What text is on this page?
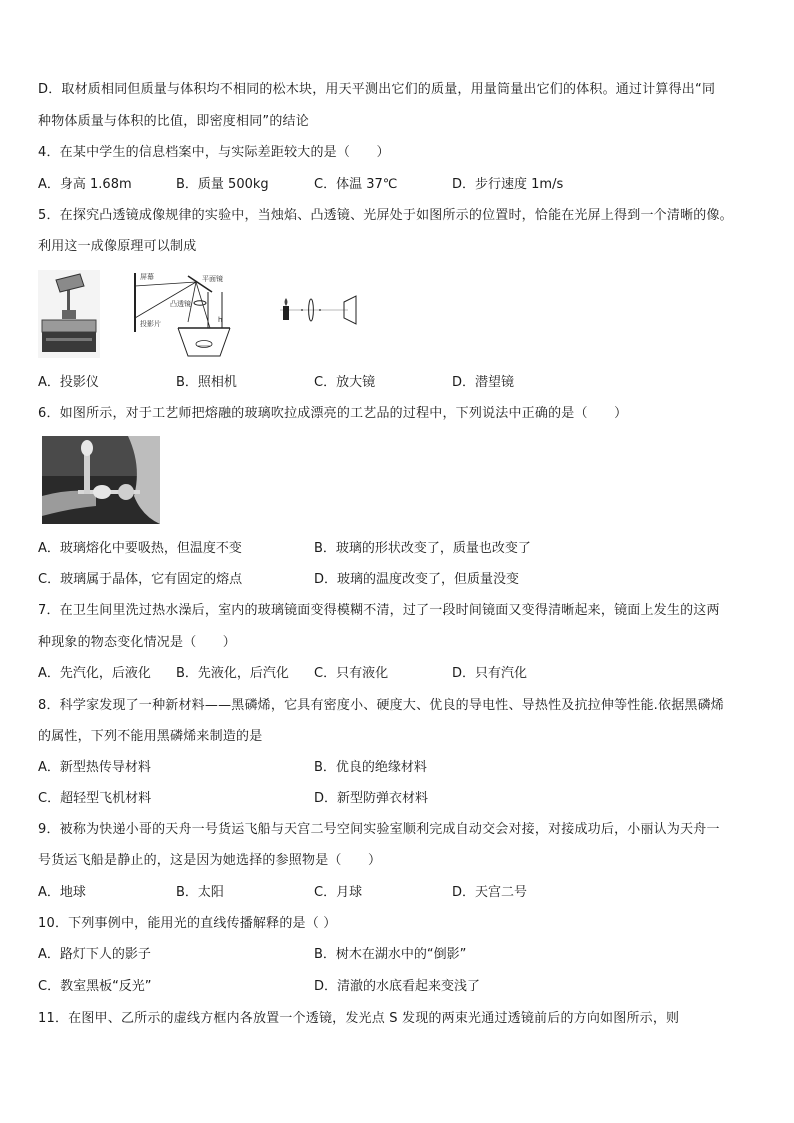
D．取材质相同但质量与体积均不相同的松木块，用天平测出它们的质量，用量筒量出它们的体积。通过计算得出“同
种物体质量与体积的比值，即密度相同”的结论
4．在某中学生的信息档案中，与实际差距较大的是（　　）
A．身高 1.68m	B．质量 500kg	C．体温 37℃	D．步行速度 1m/s
5．在探究凸透镜成像规律的实验中，当烛焰、凸透镜、光屏处于如图所示的位置时，恰能在光屏上得到一个清晰的像。
利用这一成像原理可以制成
屏幕	平面镜
凸透镜
h
投影片
A．投影仪	B．照相机	C．放大镜	D．潜望镜
6．如图所示，对于工艺师把熔融的玻璃吹拉成漂亮的工艺品的过程中，下列说法中正确的是（　　）
A．玻璃熔化中要吸热，但温度不变	B．玻璃的形状改变了，质量也改变了
C．玻璃属于晶体，它有固定的熔点	D．玻璃的温度改变了，但质量没变
7．在卫生间里洗过热水澡后，室内的玻璃镜面变得模糊不清，过了一段时间镜面又变得清晰起来，镜面上发生的这两
种现象的物态变化情况是（　　）
A．先汽化，后液化 B．先液化，后汽化 C．只有液化	D．只有汽化
8．科学家发现了一种新材料——黑磷烯，它具有密度小、硬度大、优良的导电性、导热性及抗拉伸等性能.依据黑磷烯
的属性，下列不能用黑磷烯来制造的是
A．新型热传导材料	B．优良的绝缘材料
C．超轻型飞机材料	D．新型防弹衣材料
9．被称为快递小哥的天舟一号货运飞船与天宫二号空间实验室顺利完成自动交会对接，对接成功后，小丽认为天舟一
号货运飞船是静止的，这是因为她选择的参照物是（　　）
A．地球	B．太阳	C．月球	D．天宫二号
10．下列事例中，能用光的直线传播解释的是（ ）
A．路灯下人的影子	B．树木在湖水中的“倒影”
C．教室黑板“反光”	D．清澈的水底看起来变浅了
11．在图甲、乙所示的虚线方框内各放置一个透镜，发光点 S 发现的两束光通过透镜前后的方向如图所示，则
